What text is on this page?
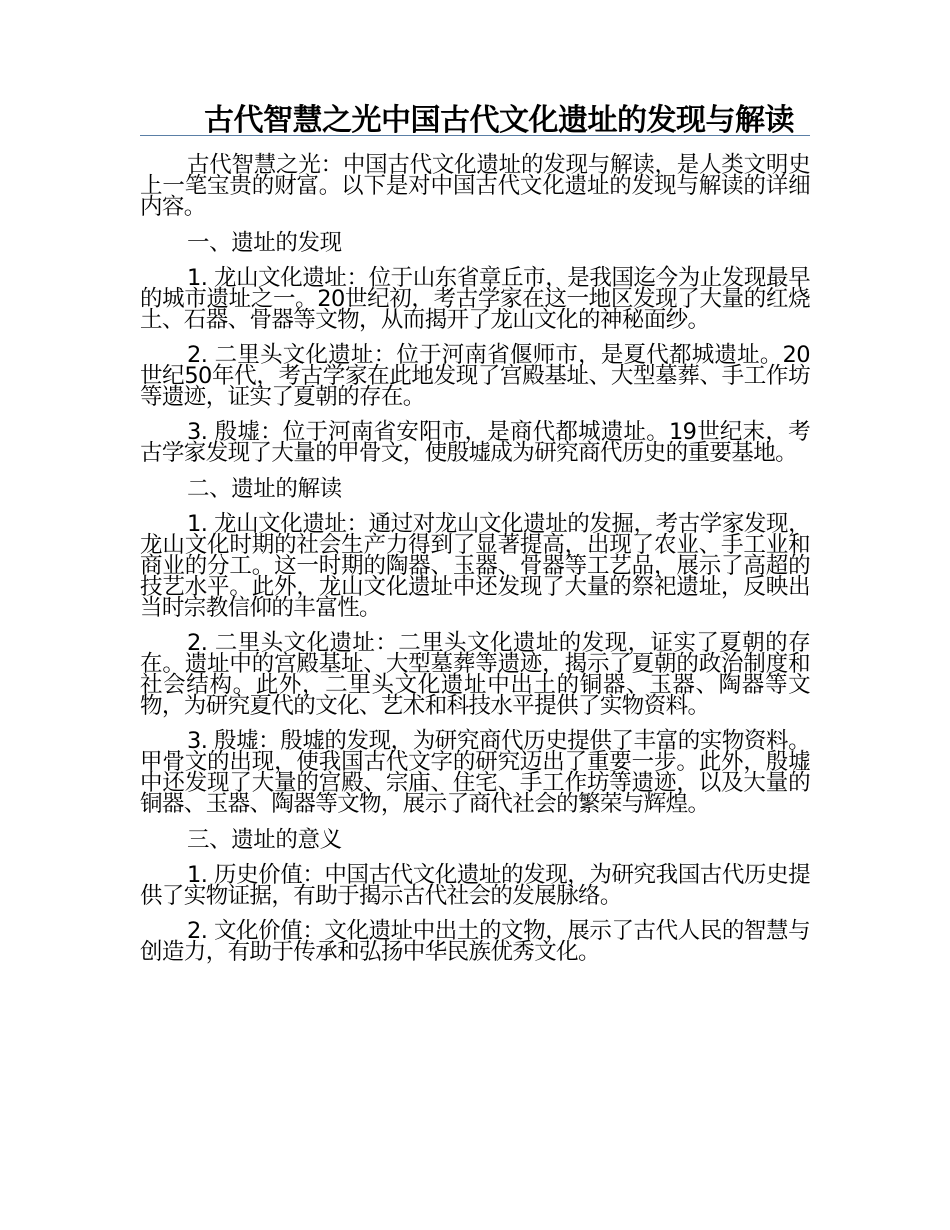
古代智慧之光中国古代文化遗址的发现与解读

古代智慧之光：中国古代文化遗址的发现与解读，是人类文明史上一笔宝贵的财富。以下是对中国古代文化遗址的发现与解读的详细内容。

一、遗址的发现

1. 龙山文化遗址：位于山东省章丘市，是我国迄今为止发现最早的城市遗址之一。20世纪初，考古学家在这一地区发现了大量的红烧土、石器、骨器等文物，从而揭开了龙山文化的神秘面纱。

2. 二里头文化遗址：位于河南省偃师市，是夏代都城遗址。20世纪50年代，考古学家在此地发现了宫殿基址、大型墓葬、手工作坊等遗迹，证实了夏朝的存在。

3. 殷墟：位于河南省安阳市，是商代都城遗址。19世纪末，考古学家发现了大量的甲骨文，使殷墟成为研究商代历史的重要基地。

二、遗址的解读

1. 龙山文化遗址：通过对龙山文化遗址的发掘，考古学家发现，龙山文化时期的社会生产力得到了显著提高，出现了农业、手工业和商业的分工。这一时期的陶器、玉器、骨器等工艺品，展示了高超的技艺水平。此外，龙山文化遗址中还发现了大量的祭祀遗址，反映出当时宗教信仰的丰富性。

2. 二里头文化遗址：二里头文化遗址的发现，证实了夏朝的存在。遗址中的宫殿基址、大型墓葬等遗迹，揭示了夏朝的政治制度和社会结构。此外，二里头文化遗址中出土的铜器、玉器、陶器等文物，为研究夏代的文化、艺术和科技水平提供了实物资料。

3. 殷墟：殷墟的发现，为研究商代历史提供了丰富的实物资料。甲骨文的出现，使我国古代文字的研究迈出了重要一步。此外，殷墟中还发现了大量的宫殿、宗庙、住宅、手工作坊等遗迹，以及大量的铜器、玉器、陶器等文物，展示了商代社会的繁荣与辉煌。

三、遗址的意义

1. 历史价值：中国古代文化遗址的发现，为研究我国古代历史提供了实物证据，有助于揭示古代社会的发展脉络。

2. 文化价值：文化遗址中出土的文物，展示了古代人民的智慧与创造力，有助于传承和弘扬中华民族优秀文化。
